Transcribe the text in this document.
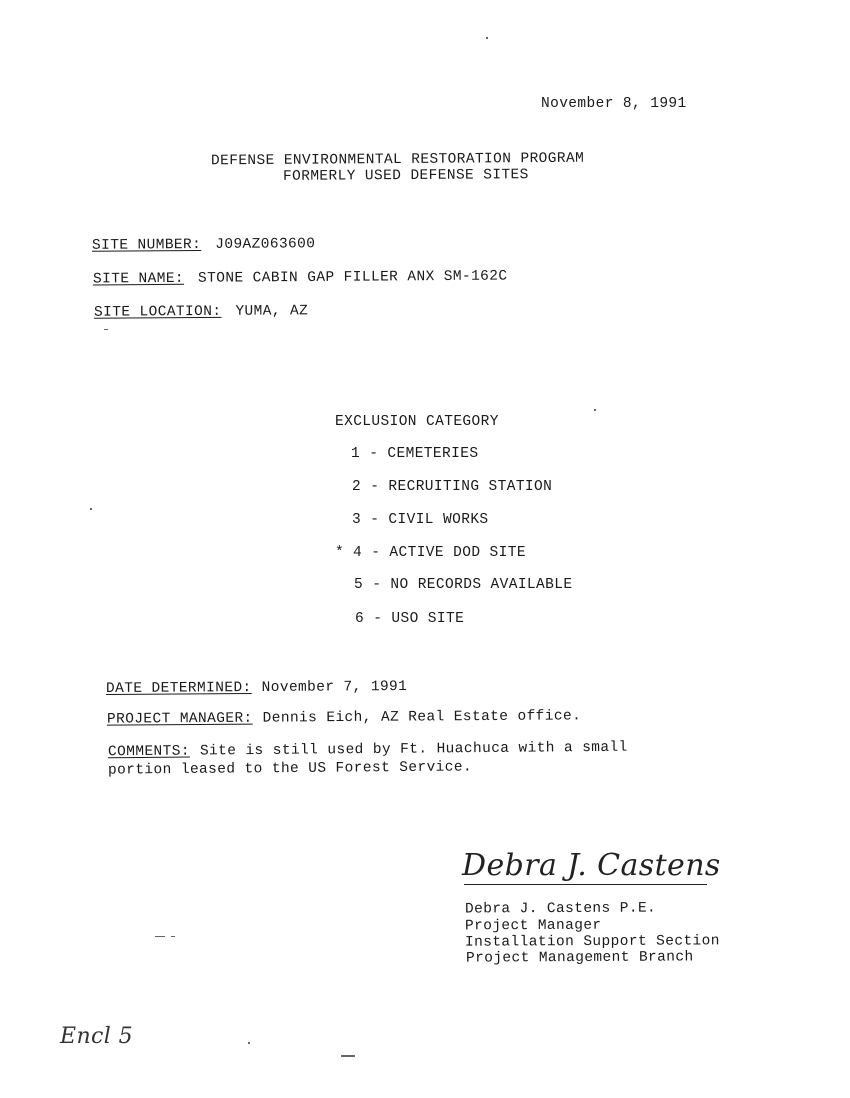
November 8, 1991
DEFENSE ENVIRONMENTAL RESTORATION PROGRAM
FORMERLY USED DEFENSE SITES
SITE NUMBER: J09AZ063600
SITE NAME: STONE CABIN GAP FILLER ANX SM-162C
SITE LOCATION: YUMA, AZ
EXCLUSION CATEGORY
1 - CEMETERIES
2 - RECRUITING STATION
3 - CIVIL WORKS
* 4 - ACTIVE DOD SITE
5 - NO RECORDS AVAILABLE
6 - USO SITE
DATE DETERMINED: November 7, 1991
PROJECT MANAGER: Dennis Eich, AZ Real Estate office.
COMMENTS: Site is still used by Ft. Huachuca with a small
portion leased to the US Forest Service.
Debra J. Castens
Debra J. Castens P.E.
Project Manager
Installation Support Section
Project Management Branch
Encl 5
